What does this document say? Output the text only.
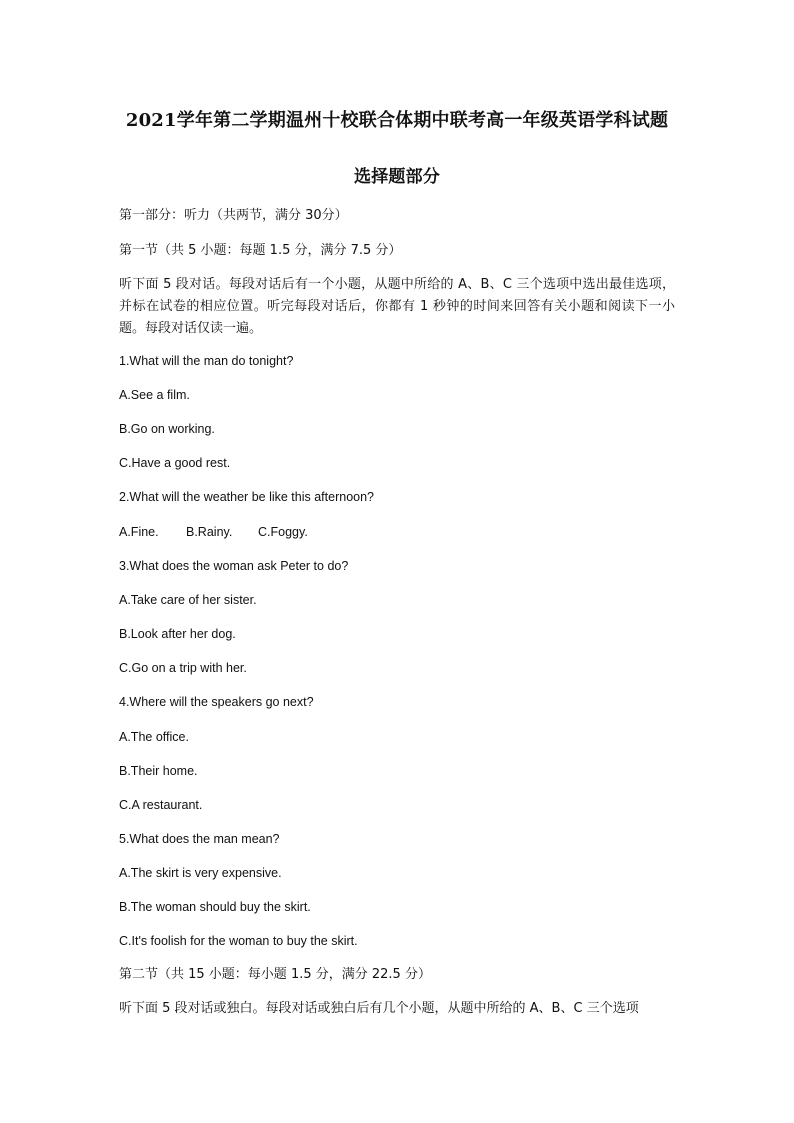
2021学年第二学期温州十校联合体期中联考高一年级英语学科试题
选择题部分
第一部分：听力（共两节，满分 30分）
第一节（共 5 小题：每题 1.5 分，满分 7.5 分）
听下面 5 段对话。每段对话后有一个小题，从题中所给的 A、B、C 三个选项中选出最佳选项，并标在试卷的相应位置。听完每段对话后，你都有 1 秒钟的时间来回答有关小题和阅读下一小题。每段对话仅读一遍。
1.What will the man do tonight?
A.See a film.
B.Go on working.
C.Have a good rest.
2.What will the weather be like this afternoon?
A.Fine. B.Rainy. C.Foggy.
3.What does the woman ask Peter to do?
A.Take care of her sister.
B.Look after her dog.
C.Go on a trip with her.
4.Where will the speakers go next?
A.The office.
B.Their home.
C.A restaurant.
5.What does the man mean?
A.The skirt is very expensive.
B.The woman should buy the skirt.
C.It's foolish for the woman to buy the skirt.
第二节（共 15 小题：每小题 1.5 分，满分 22.5 分）
听下面 5 段对话或独白。每段对话或独白后有几个小题，从题中所给的 A、B、C 三个选项
